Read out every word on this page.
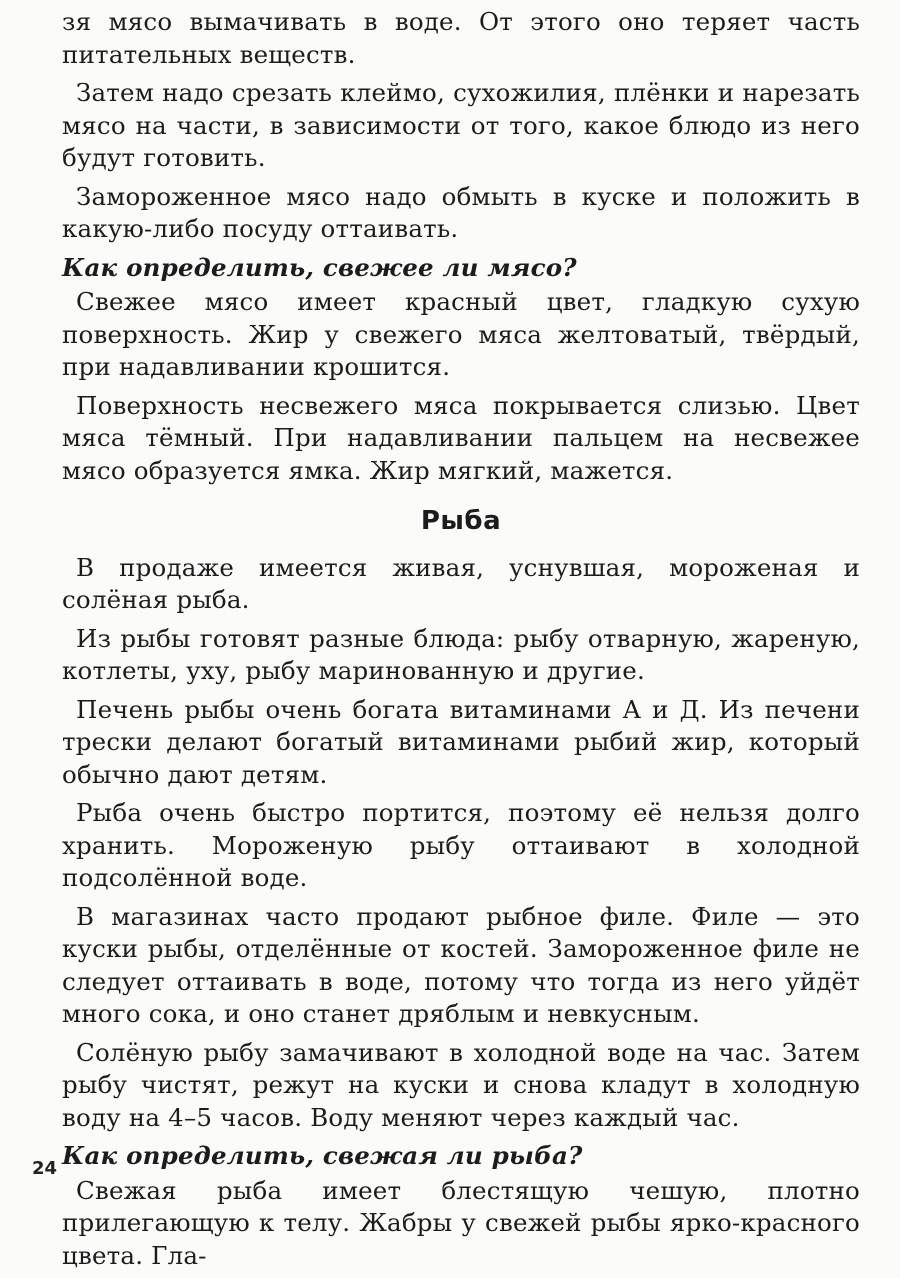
зя мясо вымачивать в воде. От этого оно теряет часть питательных веществ.

Затем надо срезать клеймо, сухожилия, плёнки и нарезать мясо на части, в зависимости от того, какое блюдо из него будут готовить.

Замороженное мясо надо обмыть в куске и положить в какую-либо посуду оттаивать.

Как определить, свежее ли мясо?

Свежее мясо имеет красный цвет, гладкую сухую поверхность. Жир у свежего мяса желтоватый, твёрдый, при надавливании крошится.

Поверхность несвежего мяса покрывается слизью. Цвет мяса тёмный. При надавливании пальцем на несвежее мясо образуется ямка. Жир мягкий, мажется.

Рыба

В продаже имеется живая, уснувшая, мороженая и солёная рыба.

Из рыбы готовят разные блюда: рыбу отварную, жареную, котлеты, уху, рыбу маринованную и другие.

Печень рыбы очень богата витаминами А и Д. Из печени трески делают богатый витаминами рыбий жир, который обычно дают детям.

Рыба очень быстро портится, поэтому её нельзя долго хранить. Мороженую рыбу оттаивают в холодной подсолённой воде.

В магазинах часто продают рыбное филе. Филе — это куски рыбы, отделённые от костей. Замороженное филе не следует оттаивать в воде, потому что тогда из него уйдёт много сока, и оно станет дряблым и невкусным.

Солёную рыбу замачивают в холодной воде на час. Затем рыбу чистят, режут на куски и снова кладут в холодную воду на 4–5 часов. Воду меняют через каждый час.

Как определить, свежая ли рыба?

Свежая рыба имеет блестящую чешую, плотно прилегающую к телу. Жабры у свежей рыбы ярко-красного цвета. Гла-

24
